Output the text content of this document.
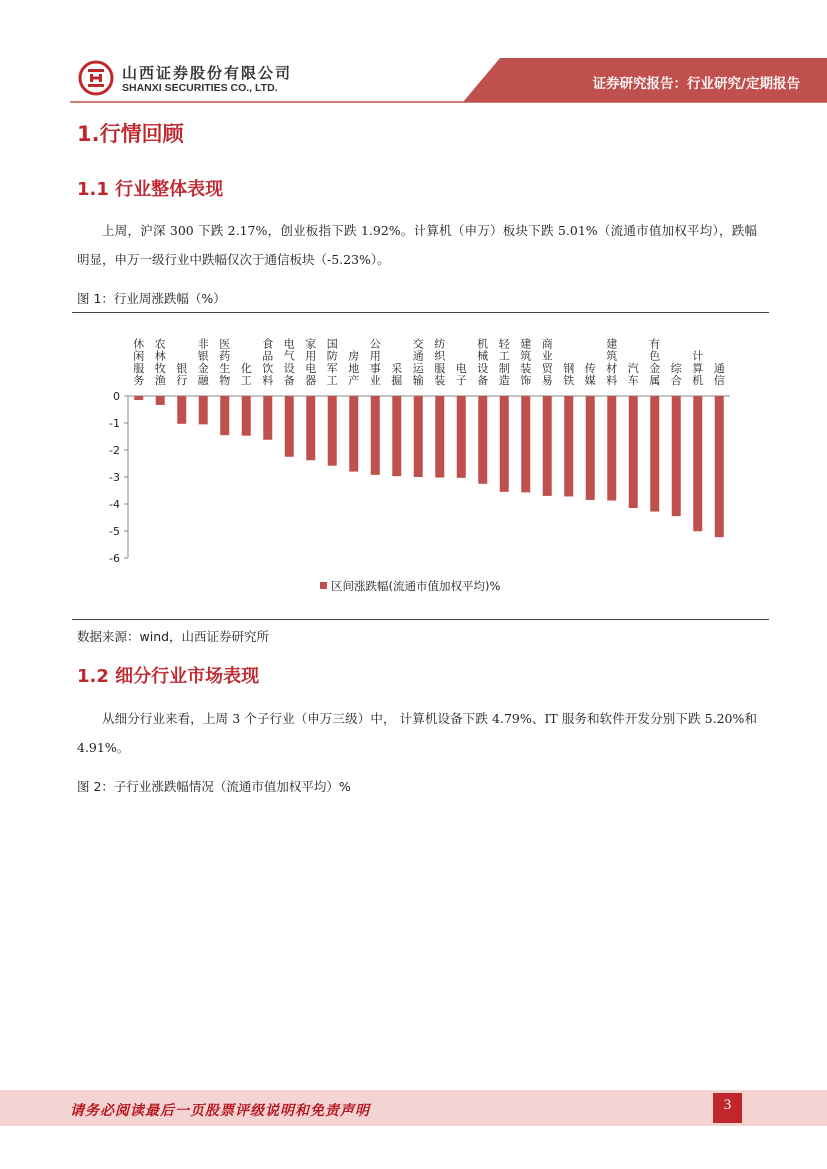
山西证券股份有限公司
SHANXI SECURITIES CO., LTD.	证券研究报告：行业研究/定期报告
1.行情回顾
1.1 行业整体表现
上周，沪深 300 下跌 2.17%，创业板指下跌 1.92%。计算机（申万）板块下跌 5.01%（流通市值加权平均），跌幅明显，申万一级行业中跌幅仅次于通信板块（-5.23%）。
图 1：行业周涨跌幅（%）
0
-1
-2
-3
-4
-5
-6
休闲服务
农林牧渔
银行
非银金融
医药生物
化工
食品饮料
电气设备
家用电器
国防军工
房地产
公用事业
采掘
交通运输
纺织服装
电子
机械设备
轻工制造
建筑装饰
商业贸易
钢铁
传媒
建筑材料
汽车
有色金属
综合
计算机
通信
区间涨跌幅(流通市值加权平均)%
数据来源：wind，山西证券研究所
1.2 细分行业市场表现
从细分行业来看，上周 3 个子行业（申万三级）中， 计算机设备下跌 4.79%、IT 服务和软件开发分别下跌 5.20%和 4.91%。
图 2：子行业涨跌幅情况（流通市值加权平均）%
请务必阅读最后一页股票评级说明和免责声明	3
